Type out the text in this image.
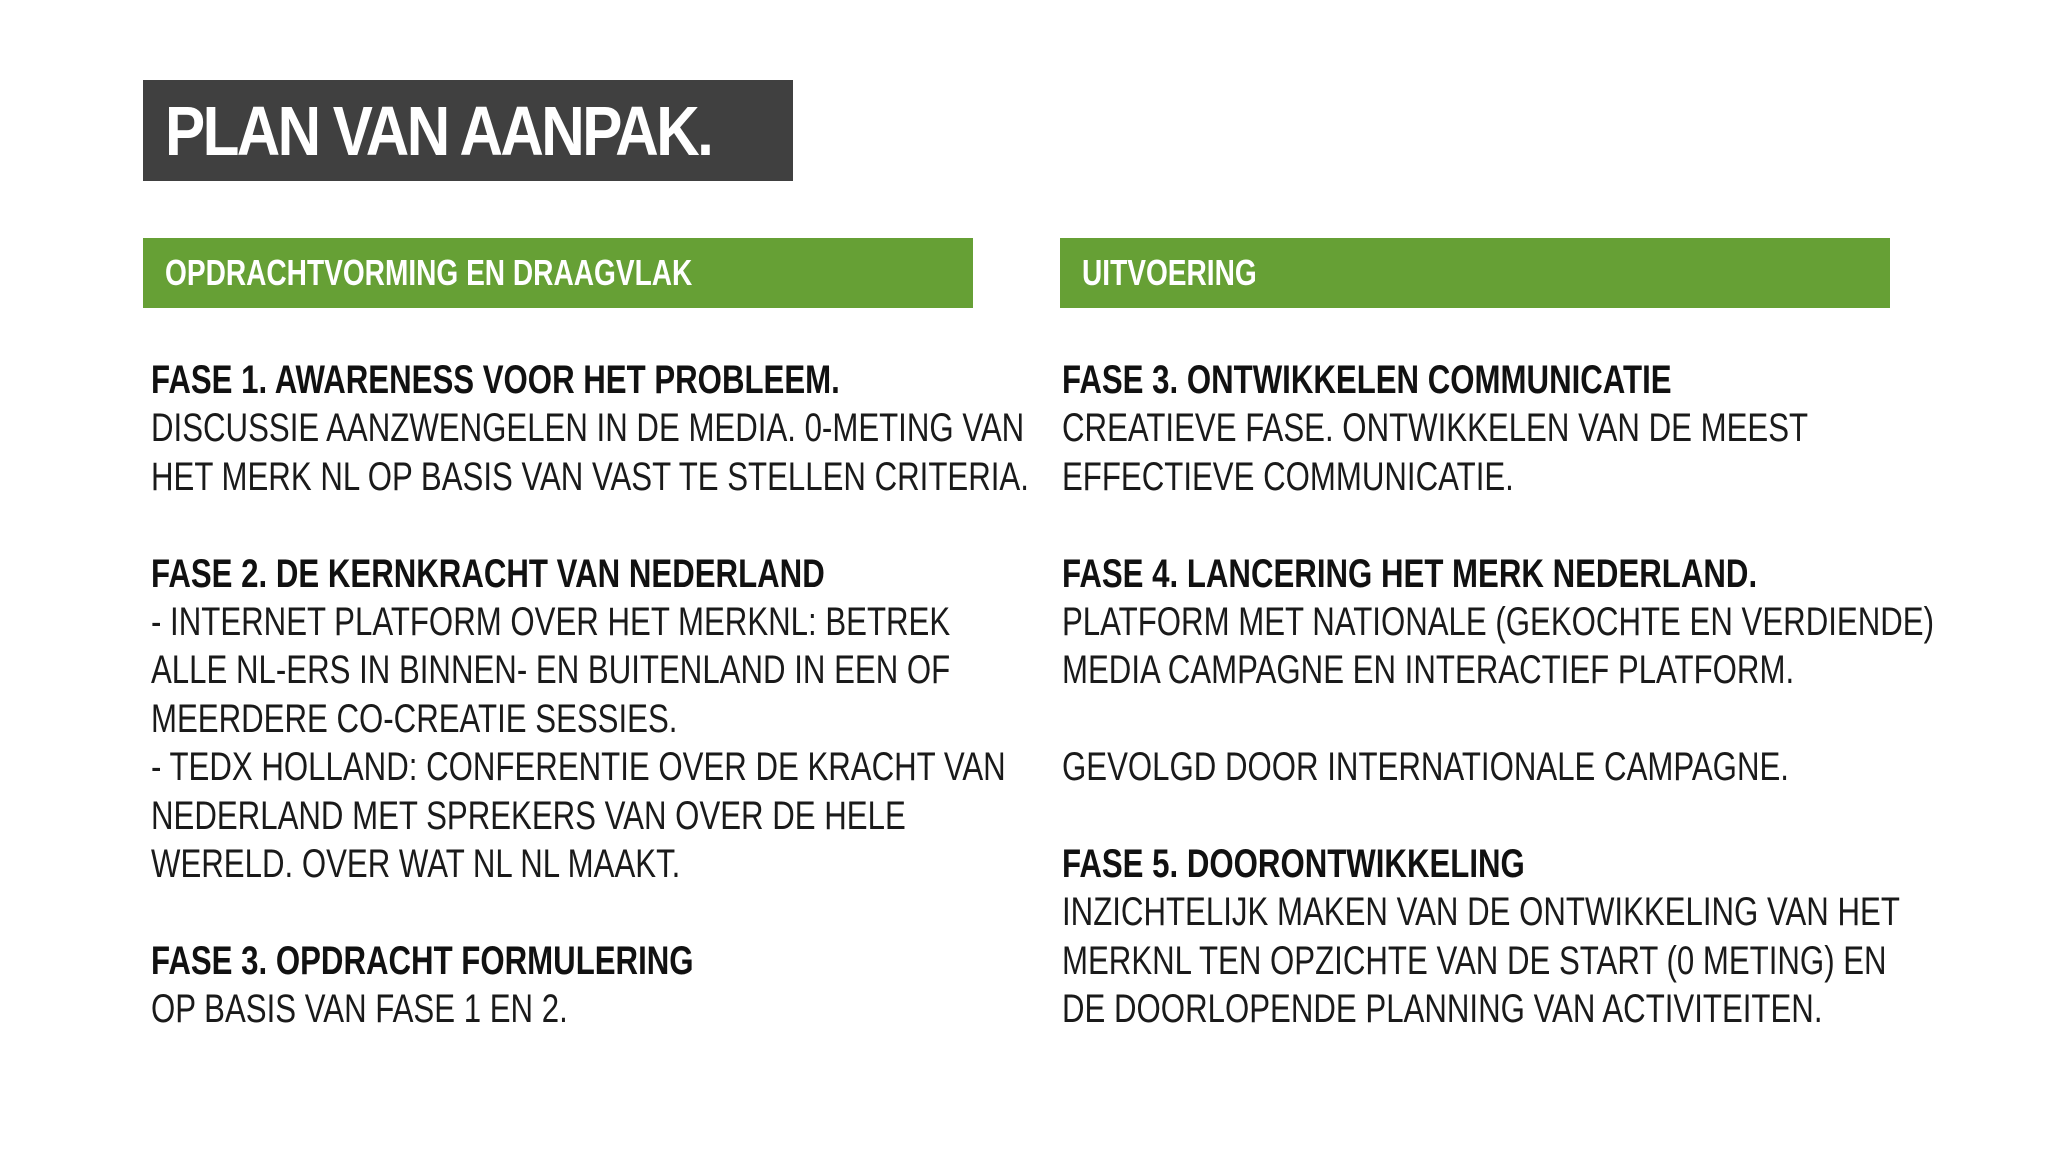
PLAN VAN AANPAK.
OPDRACHTVORMING EN DRAAGVLAK	UITVOERING
FASE 1. AWARENESS VOOR HET PROBLEEM.
DISCUSSIE AANZWENGELEN IN DE MEDIA. 0-METING VAN
HET MERK NL OP BASIS VAN VAST TE STELLEN CRITERIA.
FASE 2. DE KERNKRACHT VAN NEDERLAND
- INTERNET PLATFORM OVER HET MERKNL: BETREK
ALLE NL-ERS IN BINNEN- EN BUITENLAND IN EEN OF
MEERDERE CO-CREATIE SESSIES.
- TEDX HOLLAND: CONFERENTIE OVER DE KRACHT VAN
NEDERLAND MET SPREKERS VAN OVER DE HELE
WERELD. OVER WAT NL NL MAAKT.
FASE 3. OPDRACHT FORMULERING
OP BASIS VAN FASE 1 EN 2.
FASE 3. ONTWIKKELEN COMMUNICATIE
CREATIEVE FASE. ONTWIKKELEN VAN DE MEEST
EFFECTIEVE COMMUNICATIE.
FASE 4. LANCERING HET MERK NEDERLAND.
PLATFORM MET NATIONALE (GEKOCHTE EN VERDIENDE)
MEDIA CAMPAGNE EN INTERACTIEF PLATFORM.
GEVOLGD DOOR INTERNATIONALE CAMPAGNE.
FASE 5. DOORONTWIKKELING
INZICHTELIJK MAKEN VAN DE ONTWIKKELING VAN HET
MERKNL TEN OPZICHTE VAN DE START (0 METING) EN
DE DOORLOPENDE PLANNING VAN ACTIVITEITEN.
